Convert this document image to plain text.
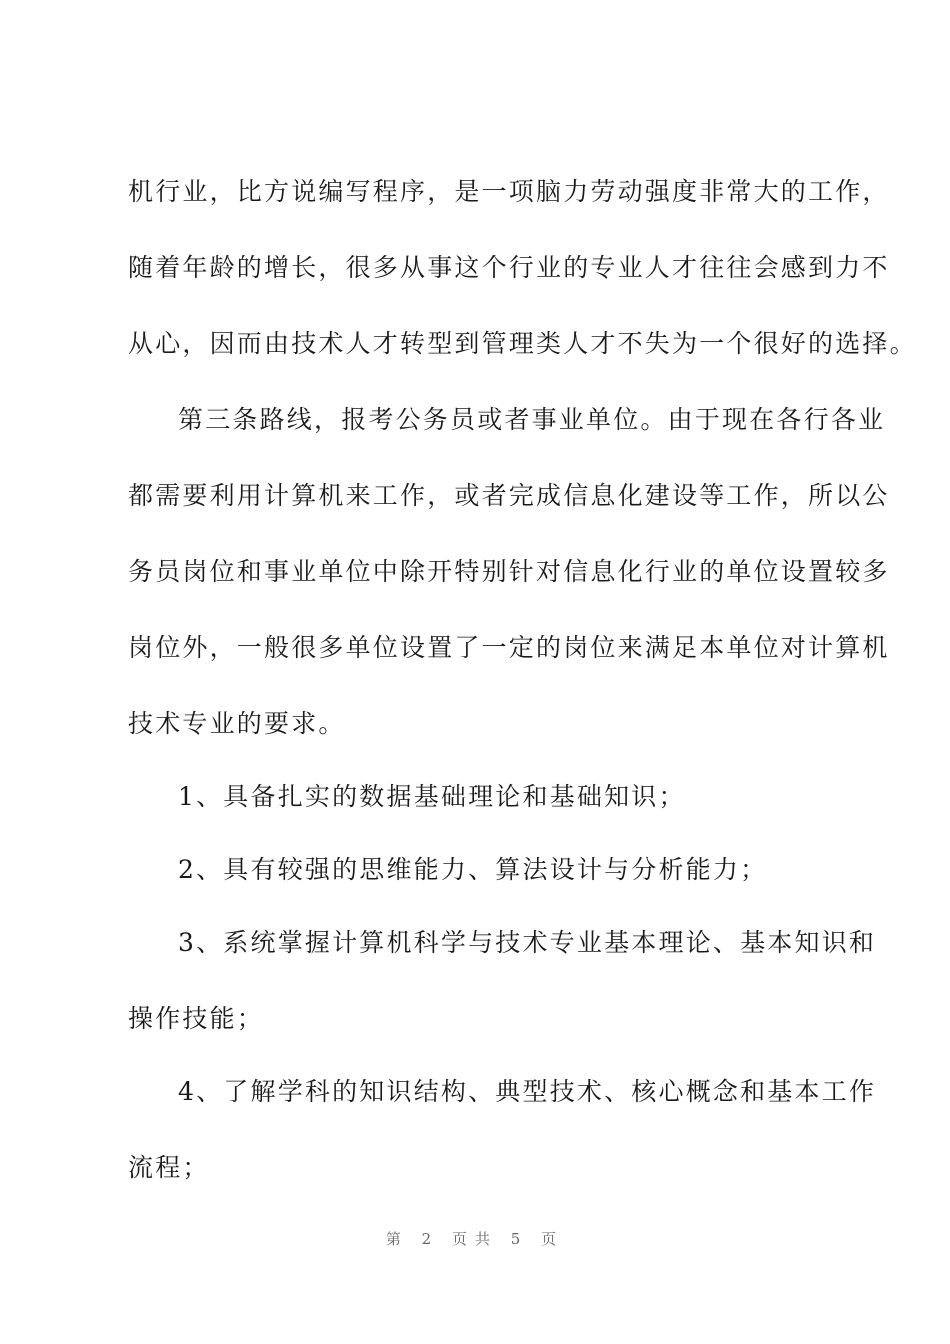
机行业，比方说编写程序，是一项脑力劳动强度非常大的工作，
随着年龄的增长，很多从事这个行业的专业人才往往会感到力不
从心，因而由技术人才转型到管理类人才不失为一个很好的选择。
第三条路线，报考公务员或者事业单位。由于现在各行各业
都需要利用计算机来工作，或者完成信息化建设等工作，所以公
务员岗位和事业单位中除开特别针对信息化行业的单位设置较多
岗位外，一般很多单位设置了一定的岗位来满足本单位对计算机
技术专业的要求。
1、具备扎实的数据基础理论和基础知识；
2、具有较强的思维能力、算法设计与分析能力；
3、系统掌握计算机科学与技术专业基本理论、基本知识和
操作技能；
4、了解学科的知识结构、典型技术、核心概念和基本工作
流程；
第 2 页共 5 页
